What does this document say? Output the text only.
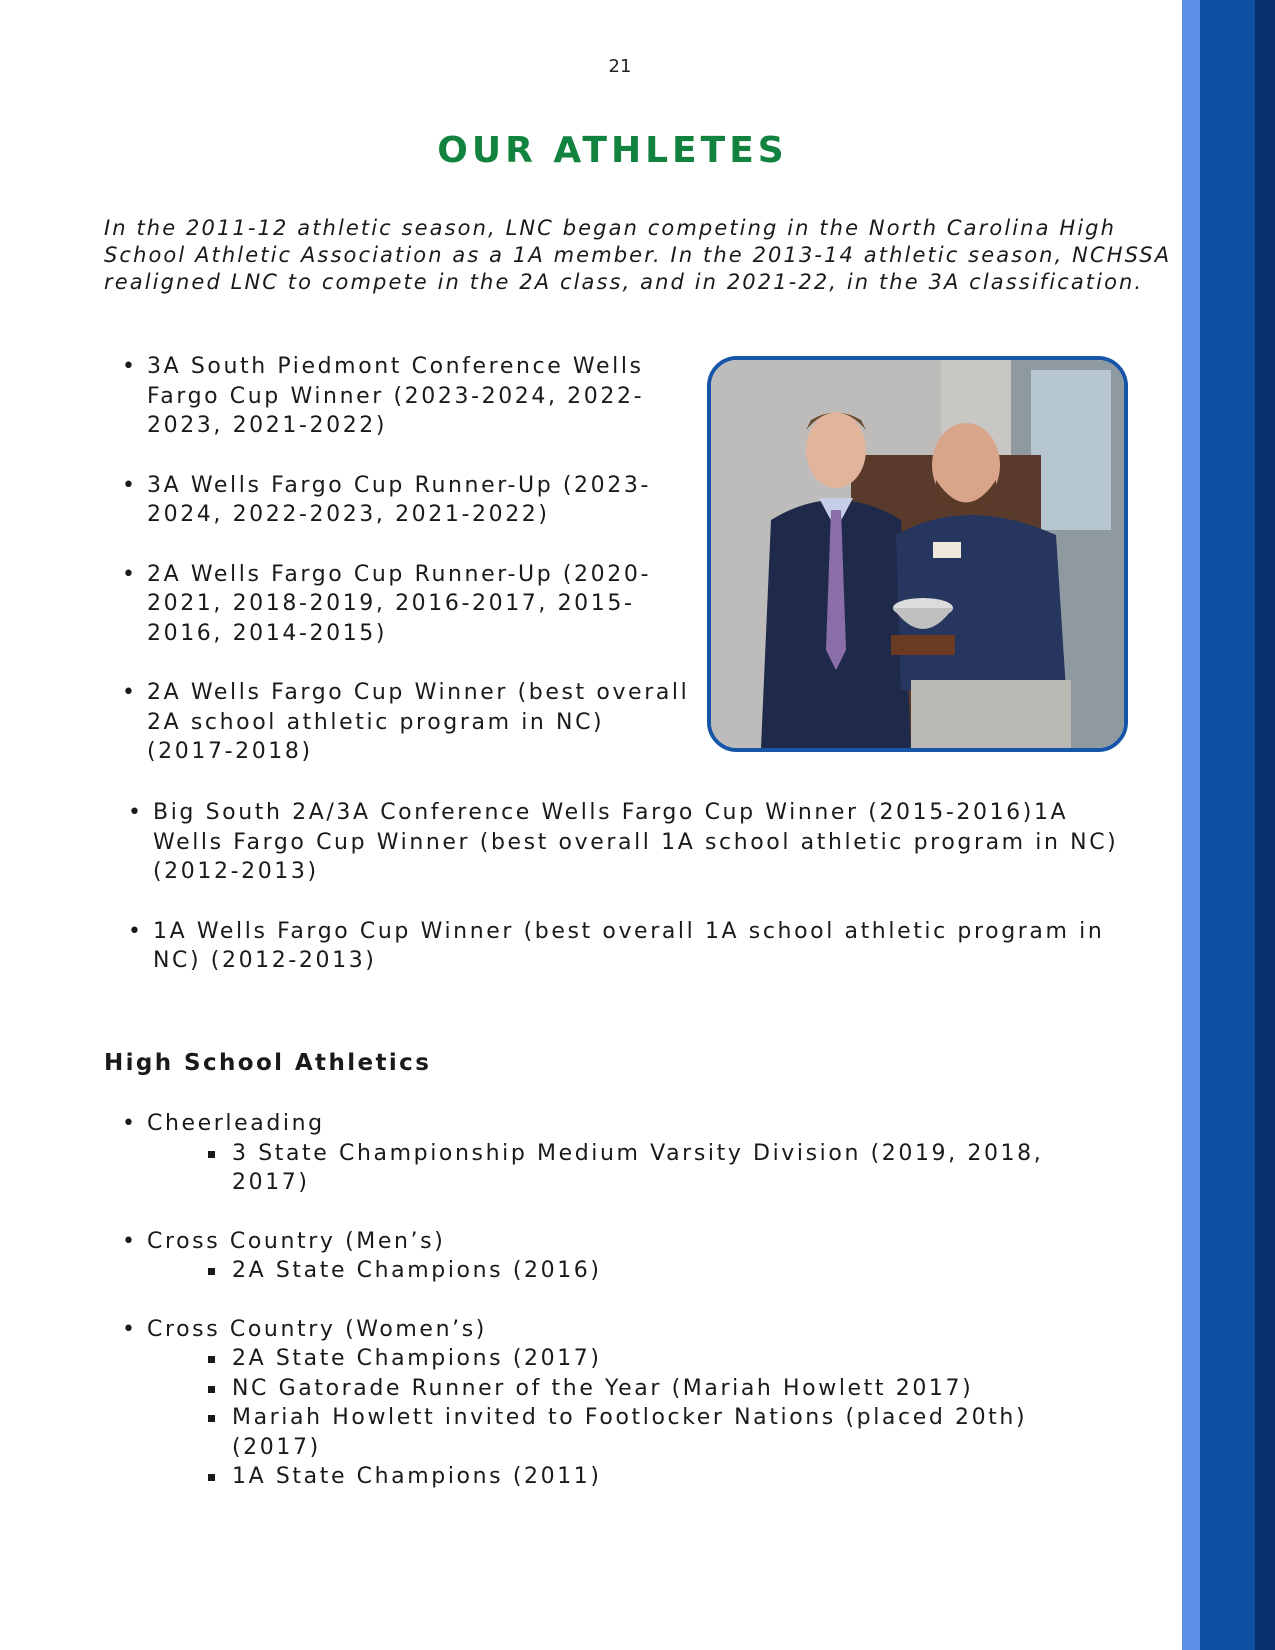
21
OUR ATHLETES

In the 2011-12 athletic season, LNC began competing in the North Carolina High School Athletic Association as a 1A member. In the 2013-14 athletic season, NCHSSA realigned LNC to compete in the 2A class, and in 2021-22, in the 3A classification.

• 3A South Piedmont Conference Wells Fargo Cup Winner (2023-2024, 2022-2023, 2021-2022)
• 3A Wells Fargo Cup Runner-Up (2023-2024, 2022-2023, 2021-2022)
• 2A Wells Fargo Cup Runner-Up (2020-2021, 2018-2019, 2016-2017, 2015-2016, 2014-2015)
• 2A Wells Fargo Cup Winner (best overall 2A school athletic program in NC) (2017-2018)
• Big South 2A/3A Conference Wells Fargo Cup Winner (2015-2016)1A Wells Fargo Cup Winner (best overall 1A school athletic program in NC) (2012-2013)
• 1A Wells Fargo Cup Winner (best overall 1A school athletic program in NC) (2012-2013)
High School Athletics
• Cheerleading
3 State Championship Medium Varsity Division (2019, 2018, 2017)
• Cross Country (Men’s)
2A State Champions (2016)
• Cross Country (Women’s)
2A State Champions (2017)
NC Gatorade Runner of the Year (Mariah Howlett 2017)
Mariah Howlett invited to Footlocker Nations (placed 20th) (2017)
1A State Champions (2011)
